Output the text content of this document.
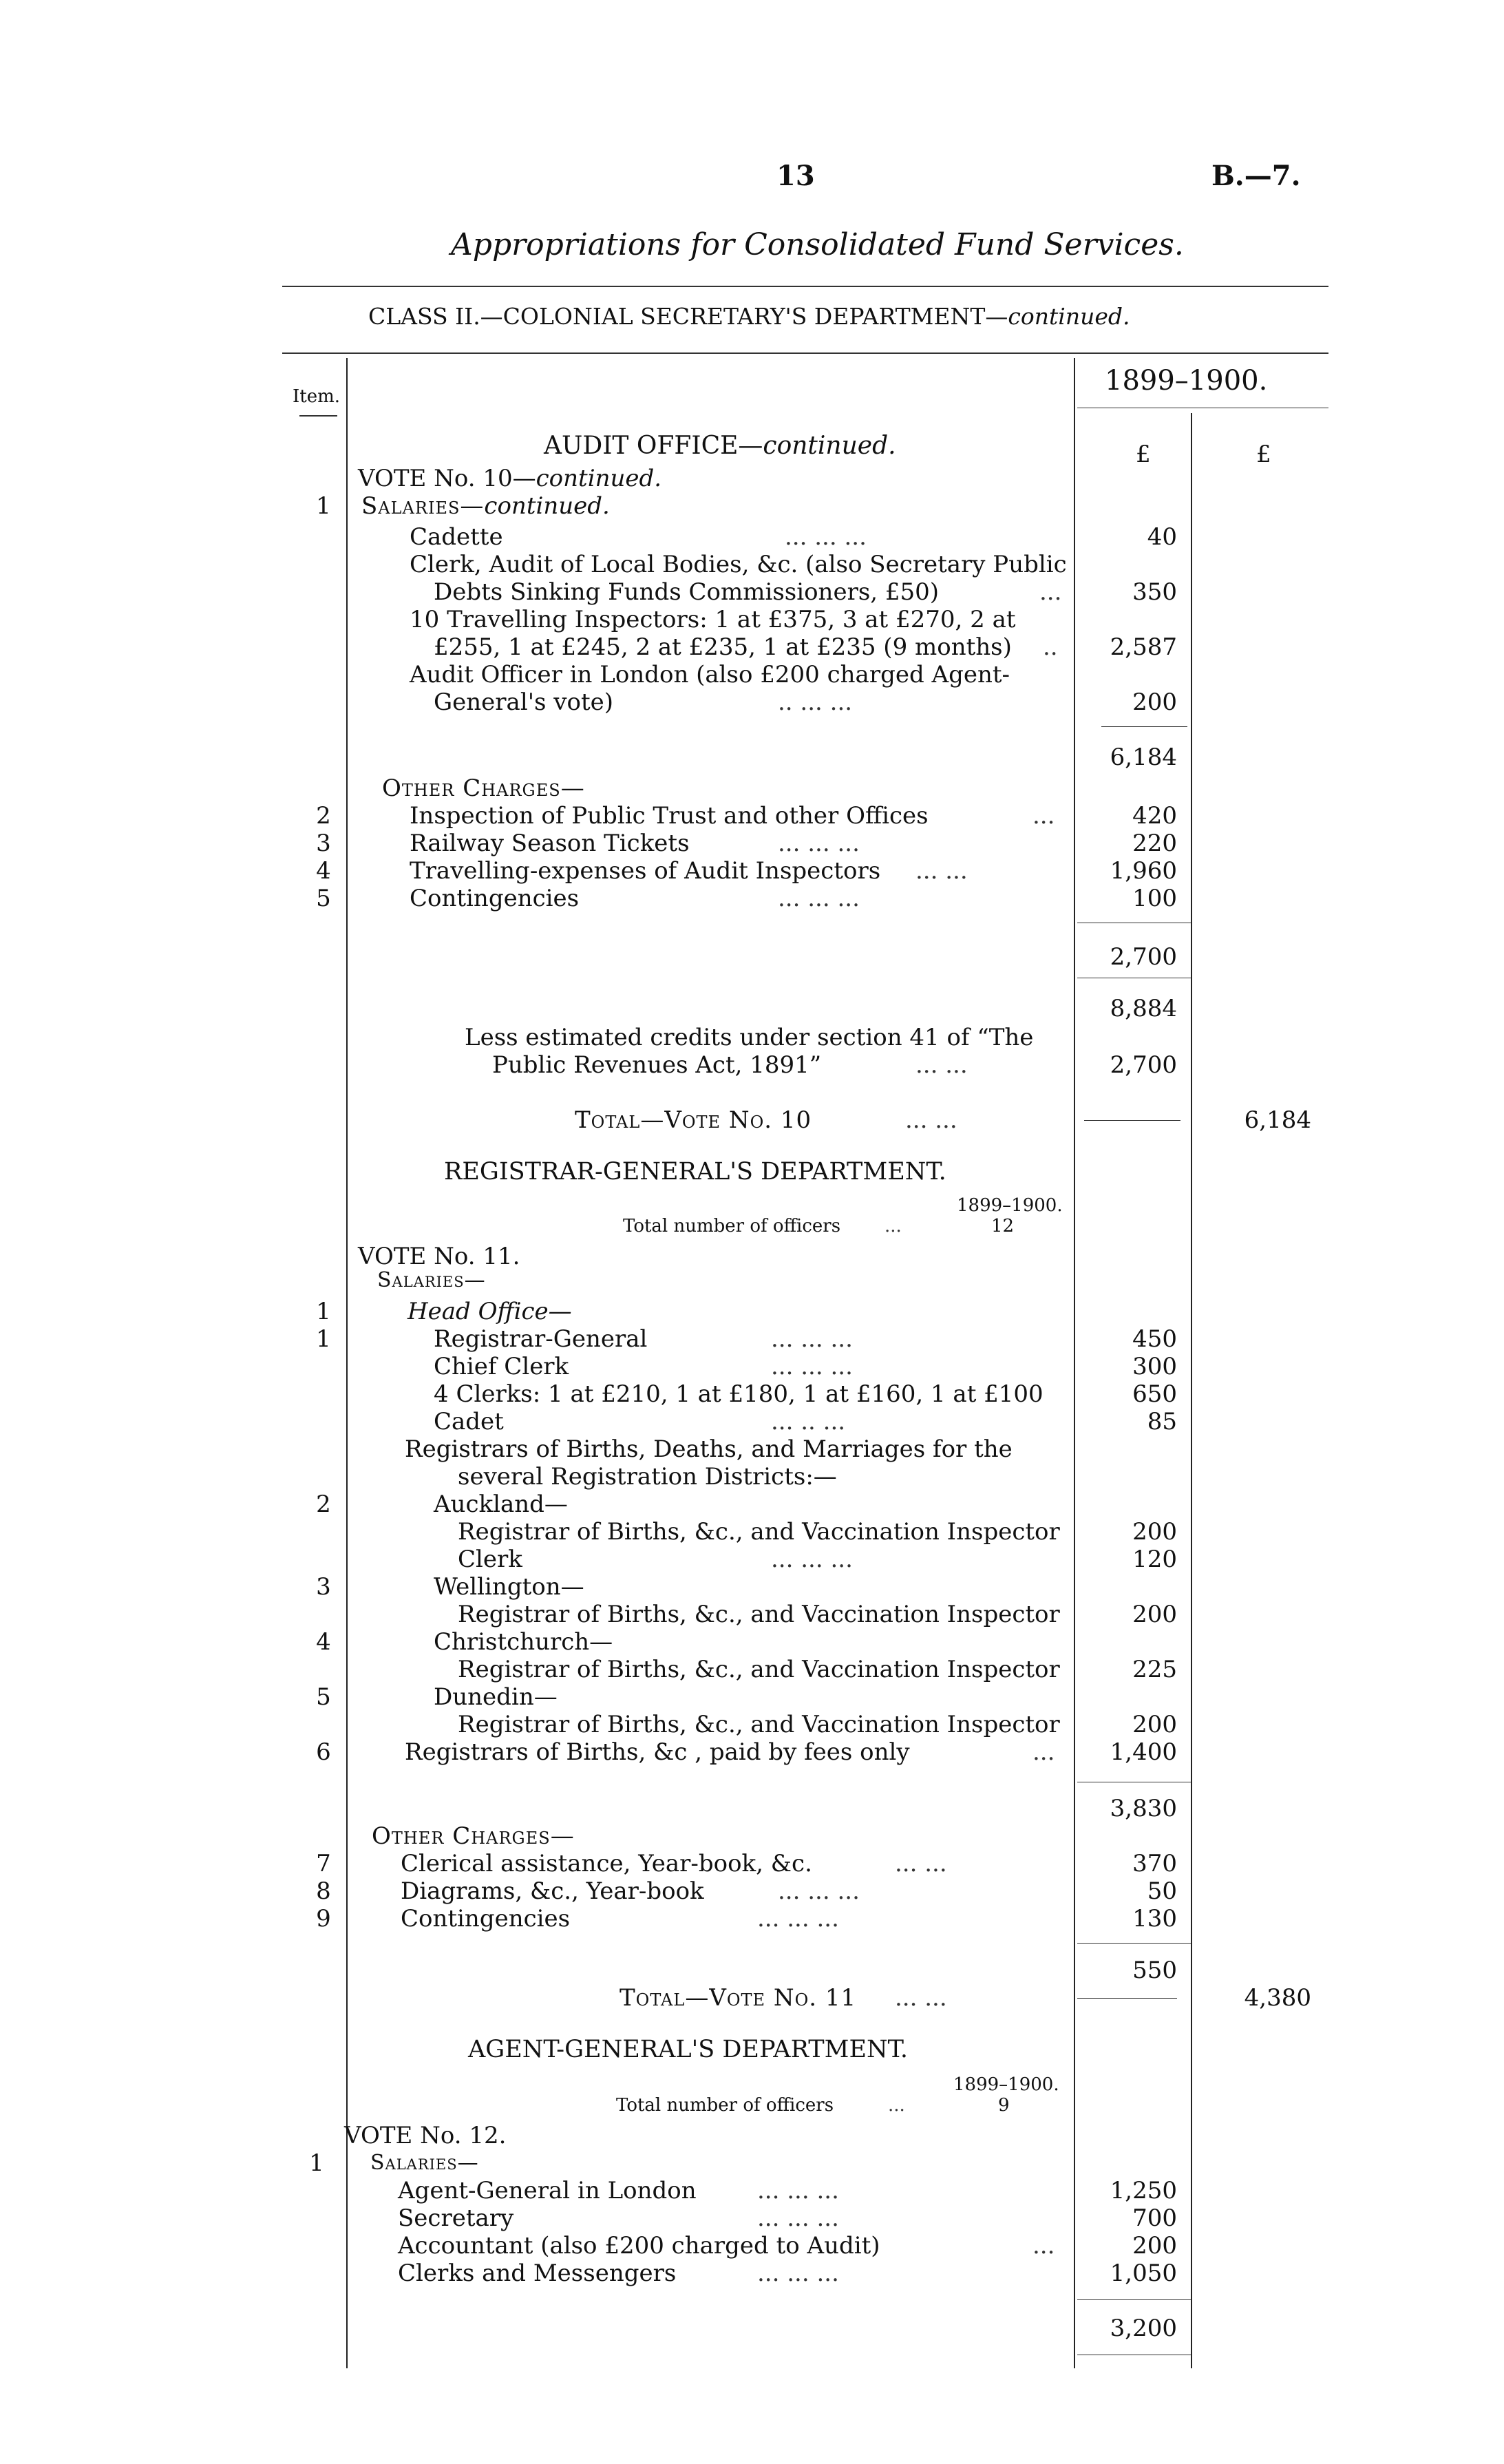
13	B.—7.
Appropriations for Consolidated Fund Services.
CLASS II.—COLONIAL SECRETARY'S DEPARTMENT—continued.
Item.	1899–1900.
£	£
AUDIT OFFICE—continued.
VOTE No. 10—continued.
1	Salaries—continued.
Cadette	... ... ...	40
Clerk, Audit of Local Bodies, &c. (also Secretary Public
Debts Sinking Funds Commissioners, £50)	...	350
10 Travelling Inspectors: 1 at £375, 3 at £270, 2 at
£255, 1 at £245, 2 at £235, 1 at £235 (9 months) ..	2,587
Audit Officer in London (also £200 charged Agent-
General's vote)	.. ... ...	200
6,184
Other Charges—
2	Inspection of Public Trust and other Offices	...	420
3	Railway Season Tickets	... ... ...	220
4	Travelling-expenses of Audit Inspectors ... ...	1,960
5	Contingencies	... ... ...	100
2,700
8,884
Less estimated credits under section 41 of “The
Public Revenues Act, 1891”	... ...	2,700
Total—Vote No. 10	... ...	6,184
REGISTRAR-GENERAL'S DEPARTMENT.
1899–1900.
Total number of officers ...	12
VOTE No. 11.
Salaries—
1	Head Office—
1	Registrar-General	... ... ...	450
Chief Clerk	... ... ...	300
4 Clerks: 1 at £210, 1 at £180, 1 at £160, 1 at £100	650
Cadet	... .. ...	85
Registrars of Births, Deaths, and Marriages for the
several Registration Districts:—
2	Auckland—
Registrar of Births, &c., and Vaccination Inspector	200
Clerk	... ... ...	120
3	Wellington—
Registrar of Births, &c., and Vaccination Inspector	200
4	Christchurch—
Registrar of Births, &c., and Vaccination Inspector	225
5	Dunedin—
Registrar of Births, &c., and Vaccination Inspector	200
6	Registrars of Births, &c , paid by fees only	...	1,400
3,830
Other Charges—
7	Clerical assistance, Year-book, &c.	... ...	370
8	Diagrams, &c., Year-book	... ... ...	50
9	Contingencies	... ... ...	130
550
Total—Vote No. 11 ... ...	4,380
AGENT-GENERAL'S DEPARTMENT.
1899–1900.
Total number of officers	...	9
VOTE No. 12.
1	Salaries—
Agent-General in London	... ... ...	1,250
Secretary	... ... ...	700
Accountant (also £200 charged to Audit)	...	200
Clerks and Messengers	... ... ...	1,050
3,200
